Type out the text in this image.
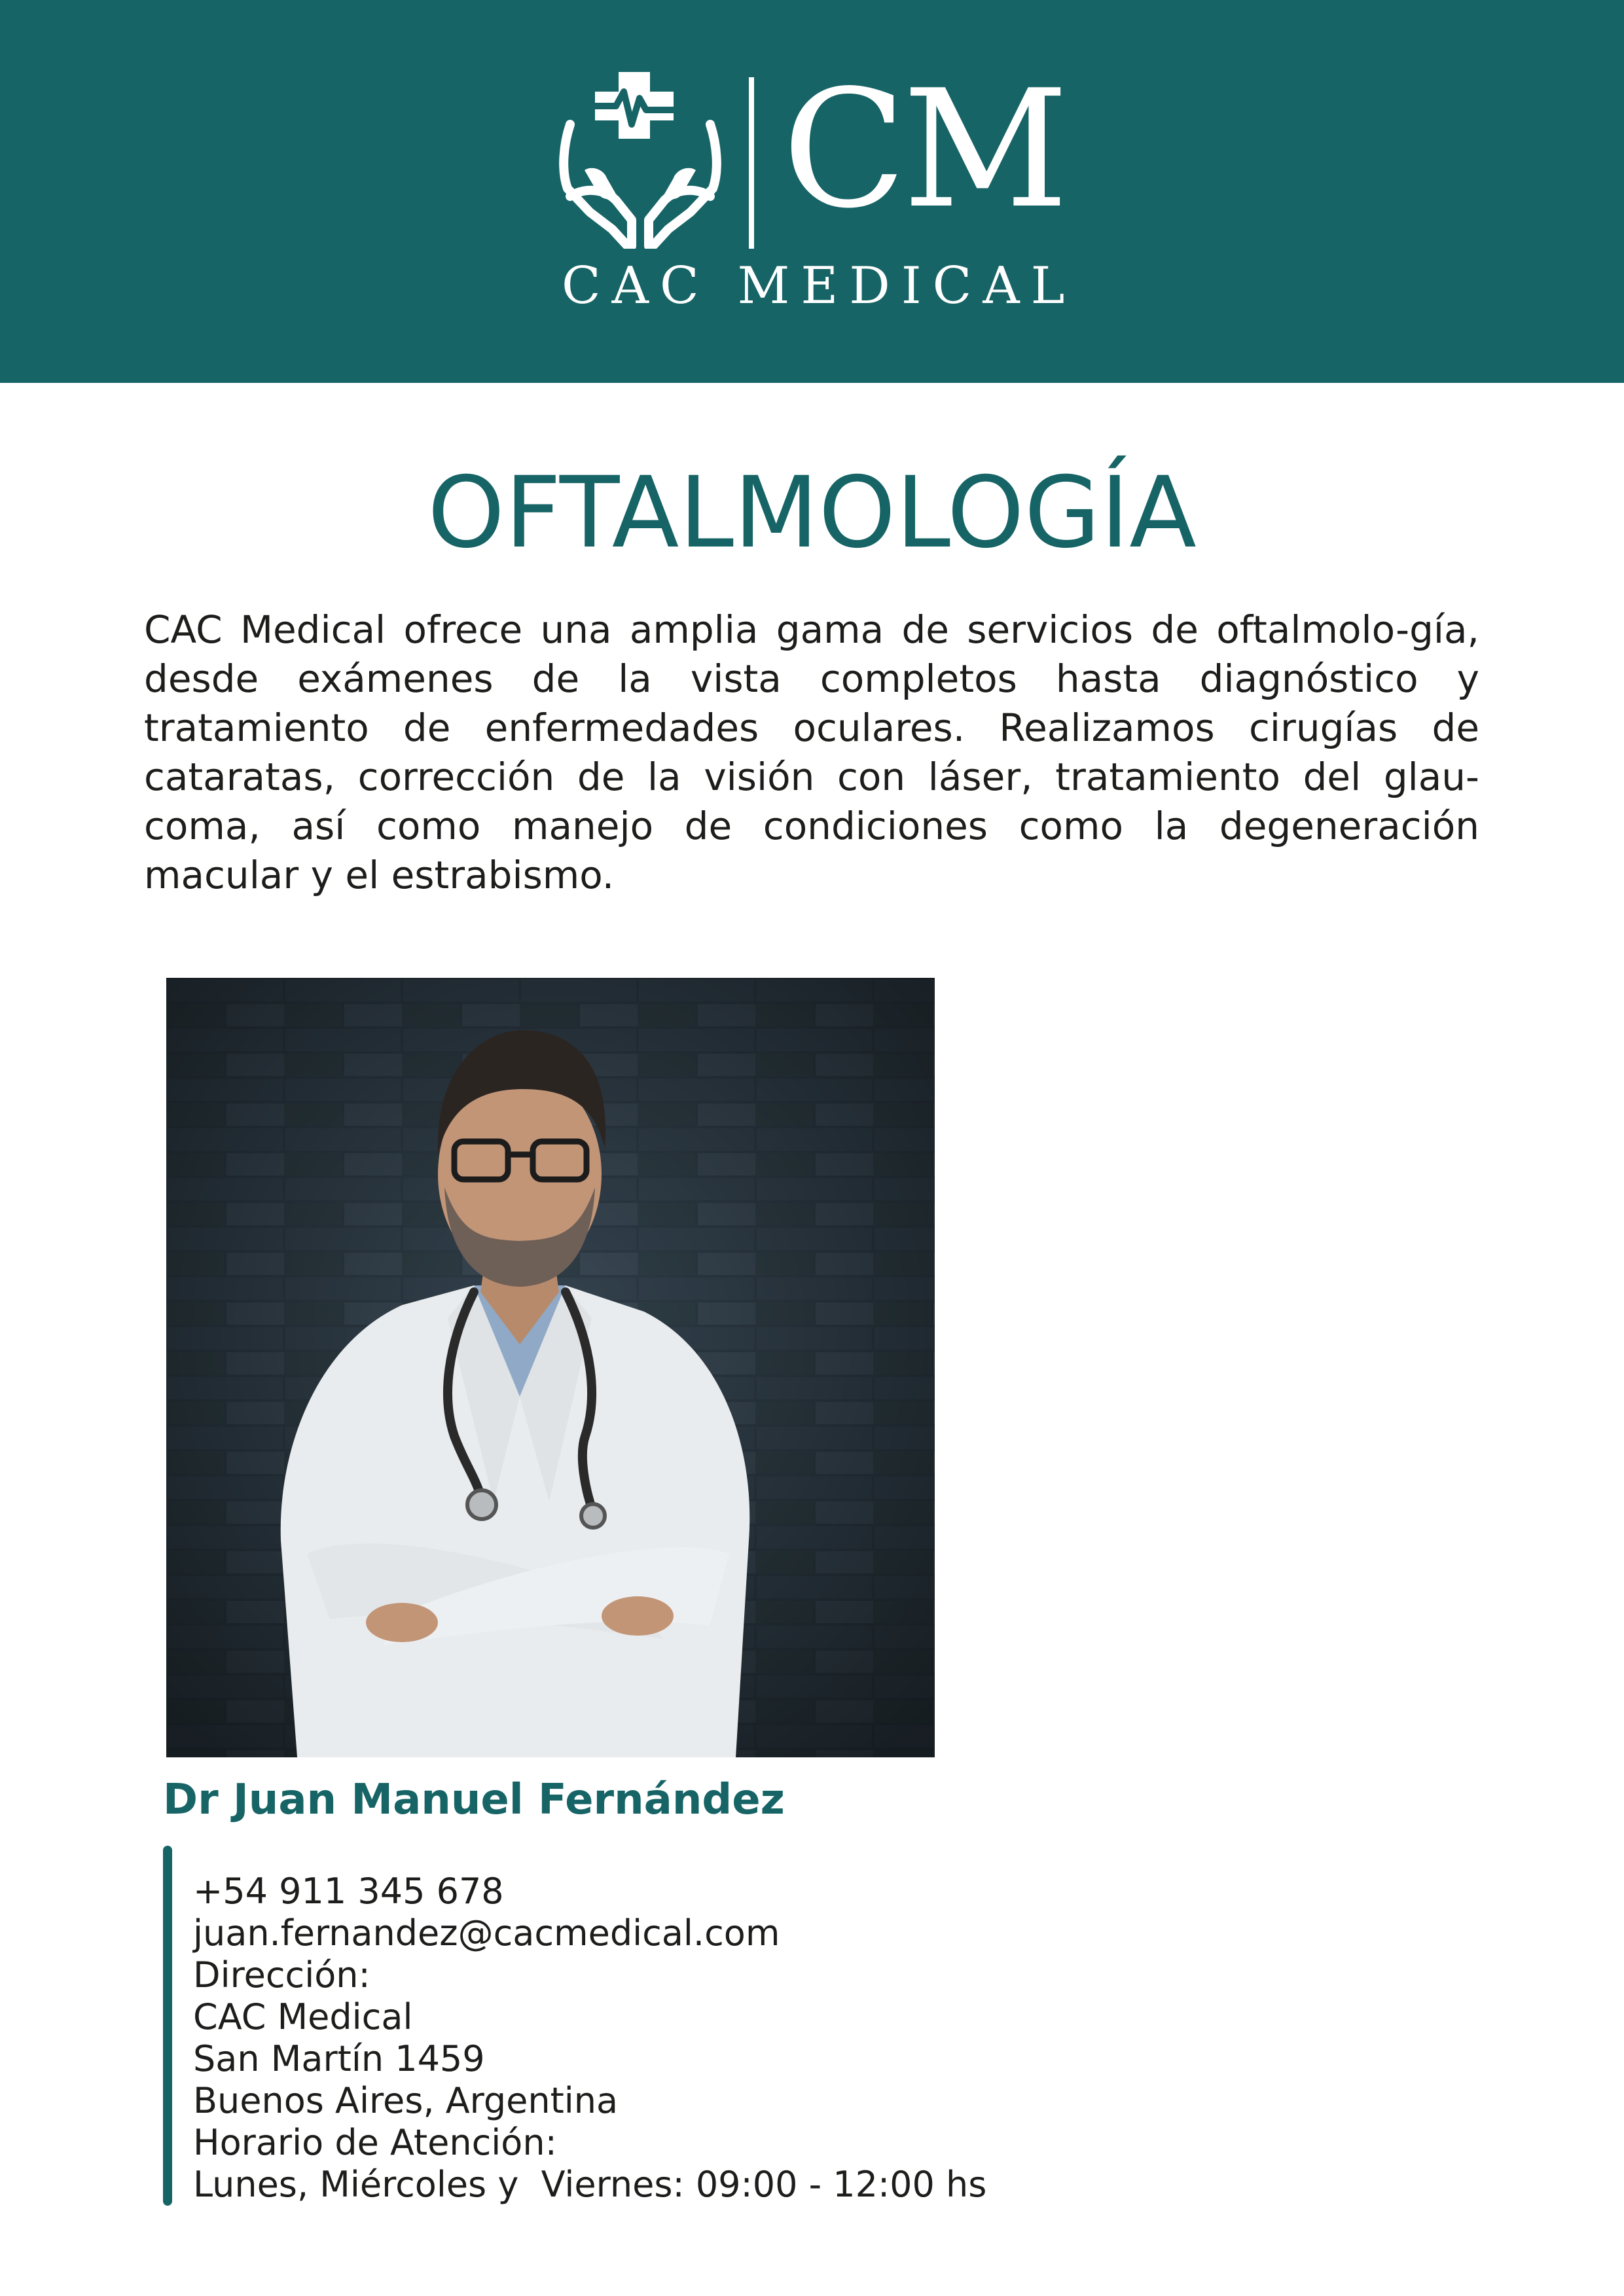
CM
CAC MEDICAL
OFTALMOLOGÍA

CAC Medical ofrece una amplia gama de servicios de oftalmolo-gía, desde exámenes de la vista completos hasta diagnóstico y tratamiento de enfermedades oculares. Realizamos cirugías de cataratas, corrección de la visión con láser, tratamiento del glau-coma, así como manejo de condiciones como la degeneración macular y el estrabismo.

Dr Juan Manuel Fernández
+54 911 345 678
juan.fernandez@cacmedical.com
Dirección:
CAC Medical
San Martín 1459
Buenos Aires, Argentina
Horario de Atención:
Lunes, Miércoles y  Viernes: 09:00 - 12:00 hs
